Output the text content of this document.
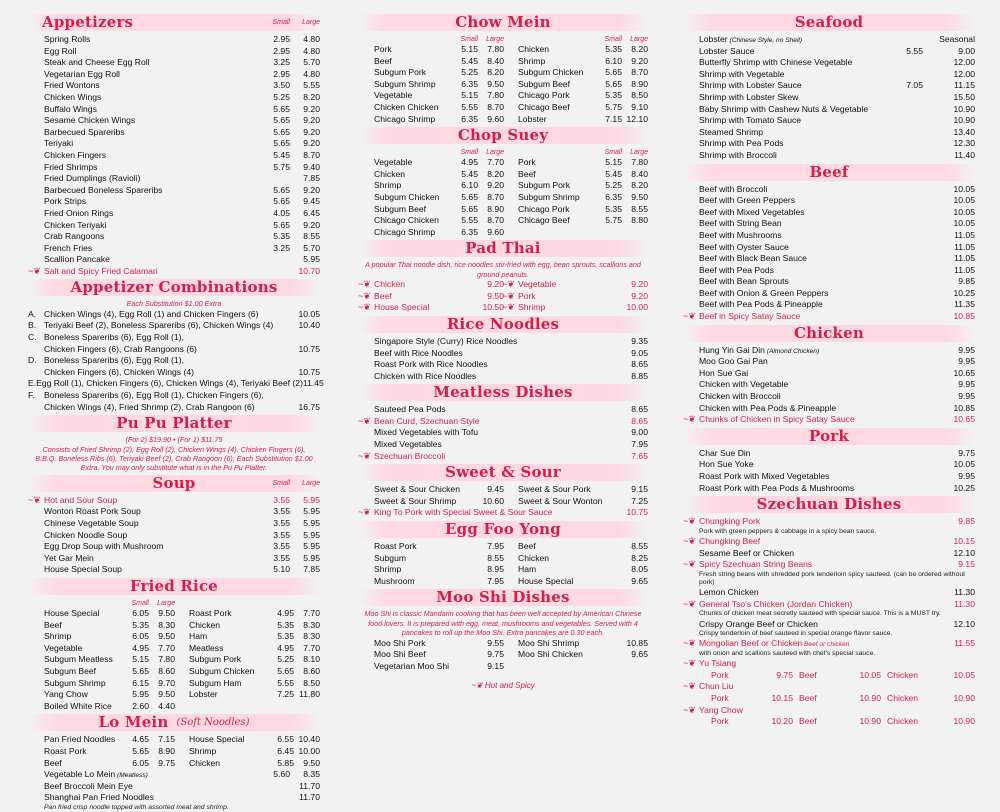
Appetizers	Small	Large
Spring Rolls	2.95	4.80
Egg Roll	2.95	4.80
Steak and Cheese Egg Roll	3.25	5.70
Vegetarian Egg Roll	2.95	4.80
Fried Wontons	3.50	5.55
Chicken Wings	5.25	8.20
Buffalo Wings	5.65	9.20
Sesame Chicken Wings	5.65	9.20
Barbecued Spareribs	5.65	9.20
Teriyaki	5.65	9.20
Chicken Fingers	5.45	8.70
Fried Shrimps	5.75	9.40
Fried Dumplings (Ravioli)	7.85
Barbecued Boneless Spareribs	5.65	9.20
Pork Strips	5.65	9.45
Fried Onion Rings	4.05	6.45
Chicken Teriyaki	5.65	9.20
Crab Rangoons	5.35	8.55
French Fries	3.25	5.70
Scallion Pancake	5.95
~❦ Salt and Spicy Fried Calamari	10.70
Appetizer Combinations
Each Substitution $1.00 Extra
A. Chicken Wings (4), Egg Roll (1) and Chicken Fingers (6)	10.05
B. Teriyaki Beef (2), Boneless Spareribs (6), Chicken Wings (4)	10.40
C. Boneless Spareribs (6), Egg Roll (1),
Chicken Fingers (6), Crab Rangoons (6)	10.75
D. Boneless Spareribs (6), Egg Roll (1),
Chicken Fingers (6), Chicken Wings (4)	10.75
E. Egg Roll (1), Chicken Fingers (6), Chicken Wings (4), Teriyaki Beef (2) 11.45
F.	Boneless Spareribs (6), Egg Roll (1), Chicken Fingers (6),
Chicken Wings (4), Fried Shrimp (2), Crab Rangoon (6)	16.75
Pu Pu Platter
(For 2) $19.90 • (For 1) $11.75
Consists of Fried Shrimp (2), Egg Roll (2), Chicken Wings (4), Chicken Fingers (6), B.B.Q. Boneless Ribs (6), Teriyaki Beef (2), Crab Rangoon (6). Each Substitution $1.00 Extra. You may only substitute what is in the Pu Pu Platter.
Soup	Small	Large
~❦ Hot and Sour Soup	3.55	5.95
Wonton Roast Pork Soup	3.55	5.95
Chinese Vegetable Soup	3.55	5.95
Chicken Noodle Soup	3.55	5.95
Egg Drop Soup with Mushroom	3.55	5.95
Yet Gar Mein	3.55	5.95
House Special Soup	5.10	7.85
Fried Rice
Small	Large
House Special	6.05	9.50 Roast Pork	4.95	7.70
Beef	5.35	8.30 Chicken	5.35	8.30
Shrimp	6.05	9.50 Ham	5.35	8.30
Vegetable	4.95	7.70 Meatless	4.95	7.70
Subgum Meatless	5.15	7.80 Subgum Pork	5.25	8.10
Subgum Beef	5.65	8.60 Subgum Chicken	5.65	8.60
Subgum Shrimp	6.15	9.70 Subgum Ham	5.55	8.50
Yang Chow	5.95	9.50 Lobster	7.25 11.80
Boiled White Rice	2.60	4.40
Lo Mein (Soft Noodles)
Pan Fried Noodles	4.65	7.15 House Special	6.55 10.40
Roast Pork	5.65	8.90 Shrimp	6.45 10.00
Beef	6.05	9.75 Chicken	5.85	9.50
Vegetable Lo Mein (Meatless)	5.60	8.35
Beef Broccoli Mein Eye	11.70
Shanghai Pan Fried Noodles	11.70
Pan fried crisp noodle topped with assorted meat and shrimp.
Chow Mein
Small	Large	Small	Large
Pork	5.15	7.80 Chicken	5.35	8.20
Beef	5.45	8.40 Shrimp	6.10	9.20
Subgum Pork	5.25	8.20 Subgum Chicken	5.65	8.70
Subgum Shrimp	6.35	9.50 Subgum Beef	5.65	8.90
Vegetable	5.15	7.80 Chicago Pork	5.35	8.50
Chicken Chicken	5.55	8.70 Chicago Beef	5.75	9.10
Chicago Shrimp	6.35	9.60 Lobster	7.15 12.10
Chop Suey
Small	Large	Small	Large
Vegetable	4.95	7.70 Pork	5.15	7.80
Chicken	5.45	8.20 Beef	5.45	8.40
Shrimp	6.10	9.20 Subgum Pork	5.25	8.20
Subgum Chicken	5.65	8.70 Subgum Shrimp	6.35	9.50
Subgum Beef	5.65	8.90 Chicago Pork	5.35	8.55
Chicago Chicken	5.55	8.70 Chicago Beef	5.75	8.80
Chicago Shrimp	6.35	9.60
Pad Thai
A popular Thai noodle dish, rice noodles stir-fried with egg, bean sprouts, scallions and ground peanuts.
~❦ Chicken	9.20
~❦ Vegetable	9.20
~❦ Beef	9.50
~❦ Pork	9.20
~❦ House Special	10.50
~❦ Shrimp	10.00
Rice Noodles
Singapore Style (Curry) Rice Noodles	9.35
Beef with Rice Noodles	9.05
Roast Pork with Rice Noodles	8.65
Chicken with Rice Noodles	8.85
Meatless Dishes
Sauteed Pea Pods	8.65
~❦ Bean Curd, Szechuan Style	8.65
Mixed Vegetables with Tofu	9.00
Mixed Vegetables	7.95
~❦ Szechuan Broccoli	7.65
Sweet & Sour
Sweet & Sour Chicken	9.45 Sweet & Sour Pork	9.15
Sweet & Sour Shrimp	10.60 Sweet & Sour Wonton	7.25
~❦ King To Pork with Special Sweet & Sour Sauce	10.75
Egg Foo Yong
Roast Pork	7.95 Beef	8.55
Subgum	8.55 Chicken	8.25
Shrimp	8.95 Ham	8.05
Mushroom	7.95 House Special	9.65
Moo Shi Dishes
Moo Shi is classic Mandarin cooking that has been well accepted by American Chinese food lovers. It is prepared with egg, meat, mushrooms and vegetables. Served with 4 pancakes to roll up the Moo Shi. Extra pancakes are 0.30 each.
Moo Shi Pork	9.55 Moo Shi Shrimp	10.85
Moo Shi Beef	9.75 Moo Shi Chicken	9.65
Vegetarian Moo Shi	9.15
~❦ Hot and Spicy
Seafood
Lobster (Chinese Style, no Shell)	Seasonal
Lobster Sauce	5.55	9.00
Butterfly Shrimp with Chinese Vegetable	12.00
Shrimp with Vegetable	12.00
Shrimp with Lobster Sauce	7.05	11.15
Shrimp with Lobster Skew	15.50
Baby Shrimp with Cashew Nuts & Vegetable	10.90
Shrimp with Tomato Sauce	10.90
Steamed Shrimp	13.40
Shrimp with Pea Pods	12.30
Shrimp with Broccoli	11.40
Beef
Beef with Broccoli	10.05
Beef with Green Peppers	10.05
Beef with Mixed Vegetables	10.05
Beef with String Bean	10.05
Beef with Mushrooms	11.05
Beef with Oyster Sauce	11.05
Beef with Black Bean Sauce	11.05
Beef with Pea Pods	11.05
Beef with Bean Sprouts	9.85
Beef with Onion & Green Peppers	10.25
Beef with Pea Pods & Pineapple	11.35
~❦ Beef in Spicy Satay Sauce	10.85
Chicken
Hung Yin Gai Din (Almond Chicken)	9.95
Moo Goo Gai Pan	9.95
Hon Sue Gai	10.65
Chicken with Vegetable	9.95
Chicken with Broccoli	9.95
Chicken with Pea Pods & Pineapple	10.85
~❦ Chunks of Chicken in Spicy Satay Sauce	10.65
Pork
Char Sue Din	9.75
Hon Sue Yoke	10.05
Roast Pork with Mixed Vegetables	9.95
Roast Pork with Pea Pods & Mushrooms	10.25
Szechuan Dishes
~❦ Chungking Pork	9.85
Pork with green peppers & cabbage in a spicy bean sauce.
~❦ Chungking Beef	10.15
Sesame Beef or Chicken	12.10
~❦ Spicy Szechuan String Beans	9.15
Fresh string beans with shredded pork tenderloin spicy sauteed. (can be ordered without pork)
Lemon Chicken	11.30
~❦ General Tso's Chicken (Jordan Chicken)	11.30
Chunks of chicken meat secretly sauteed with special sauce. This is a MUST try.
Crispy Orange Beef or Chicken	12.10
Crispy tenderloin of beef sauteed in special orange flavor sauce.
~❦ Mongolian Beef or Chicken Beef or chicken	11.55
with onion and scallions sauteed with chef's special sauce.
~❦ Yu Tsiang
Pork	9.75 Beef	10.05 Chicken	10.05
~❦ Chun Liu
Pork	10.15 Beef	10.90 Chicken	10.90
~❦ Yang Chow
Pork	10.20 Beef	10.90 Chicken	10.90
